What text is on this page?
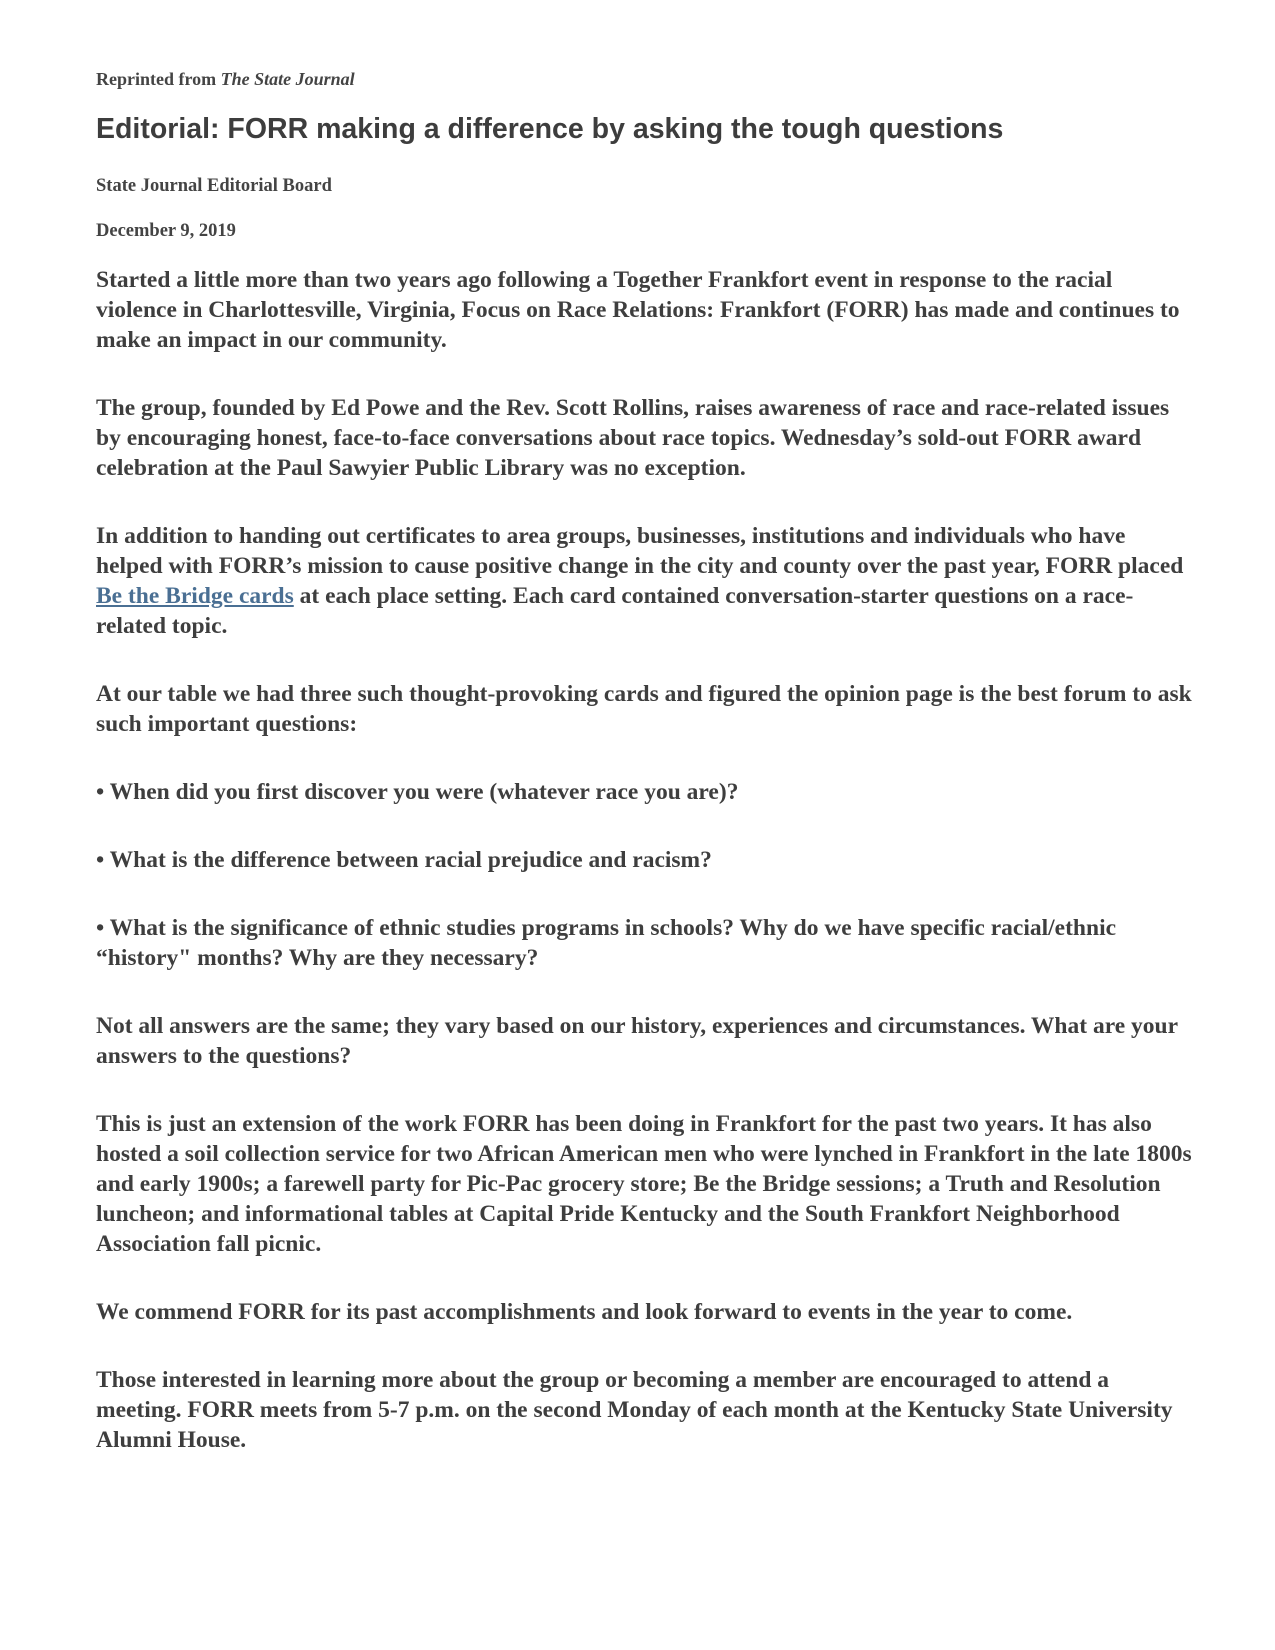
Reprinted from The State Journal

Editorial: FORR making a difference by asking the tough questions

State Journal Editorial Board

December 9, 2019

Started a little more than two years ago following a Together Frankfort event in response to the racial violence in Charlottesville, Virginia, Focus on Race Relations: Frankfort (FORR) has made and continues to make an impact in our community.

The group, founded by Ed Powe and the Rev. Scott Rollins, raises awareness of race and race-related issues by encouraging honest, face-to-face conversations about race topics. Wednesday’s sold-out FORR award celebration at the Paul Sawyier Public Library was no exception.

In addition to handing out certificates to area groups, businesses, institutions and individuals who have helped with FORR’s mission to cause positive change in the city and county over the past year, FORR placed Be the Bridge cards at each place setting. Each card contained conversation-starter questions on a race-related topic.

At our table we had three such thought-provoking cards and figured the opinion page is the best forum to ask such important questions:

• When did you first discover you were (whatever race you are)?

• What is the difference between racial prejudice and racism?

• What is the significance of ethnic studies programs in schools? Why do we have specific racial/ethnic “history" months? Why are they necessary?

Not all answers are the same; they vary based on our history, experiences and circumstances. What are your answers to the questions?

This is just an extension of the work FORR has been doing in Frankfort for the past two years. It has also hosted a soil collection service for two African American men who were lynched in Frankfort in the late 1800s and early 1900s; a farewell party for Pic-Pac grocery store; Be the Bridge sessions; a Truth and Resolution luncheon; and informational tables at Capital Pride Kentucky and the South Frankfort Neighborhood Association fall picnic.

We commend FORR for its past accomplishments and look forward to events in the year to come.

Those interested in learning more about the group or becoming a member are encouraged to attend a meeting. FORR meets from 5-7 p.m. on the second Monday of each month at the Kentucky State University Alumni House.
